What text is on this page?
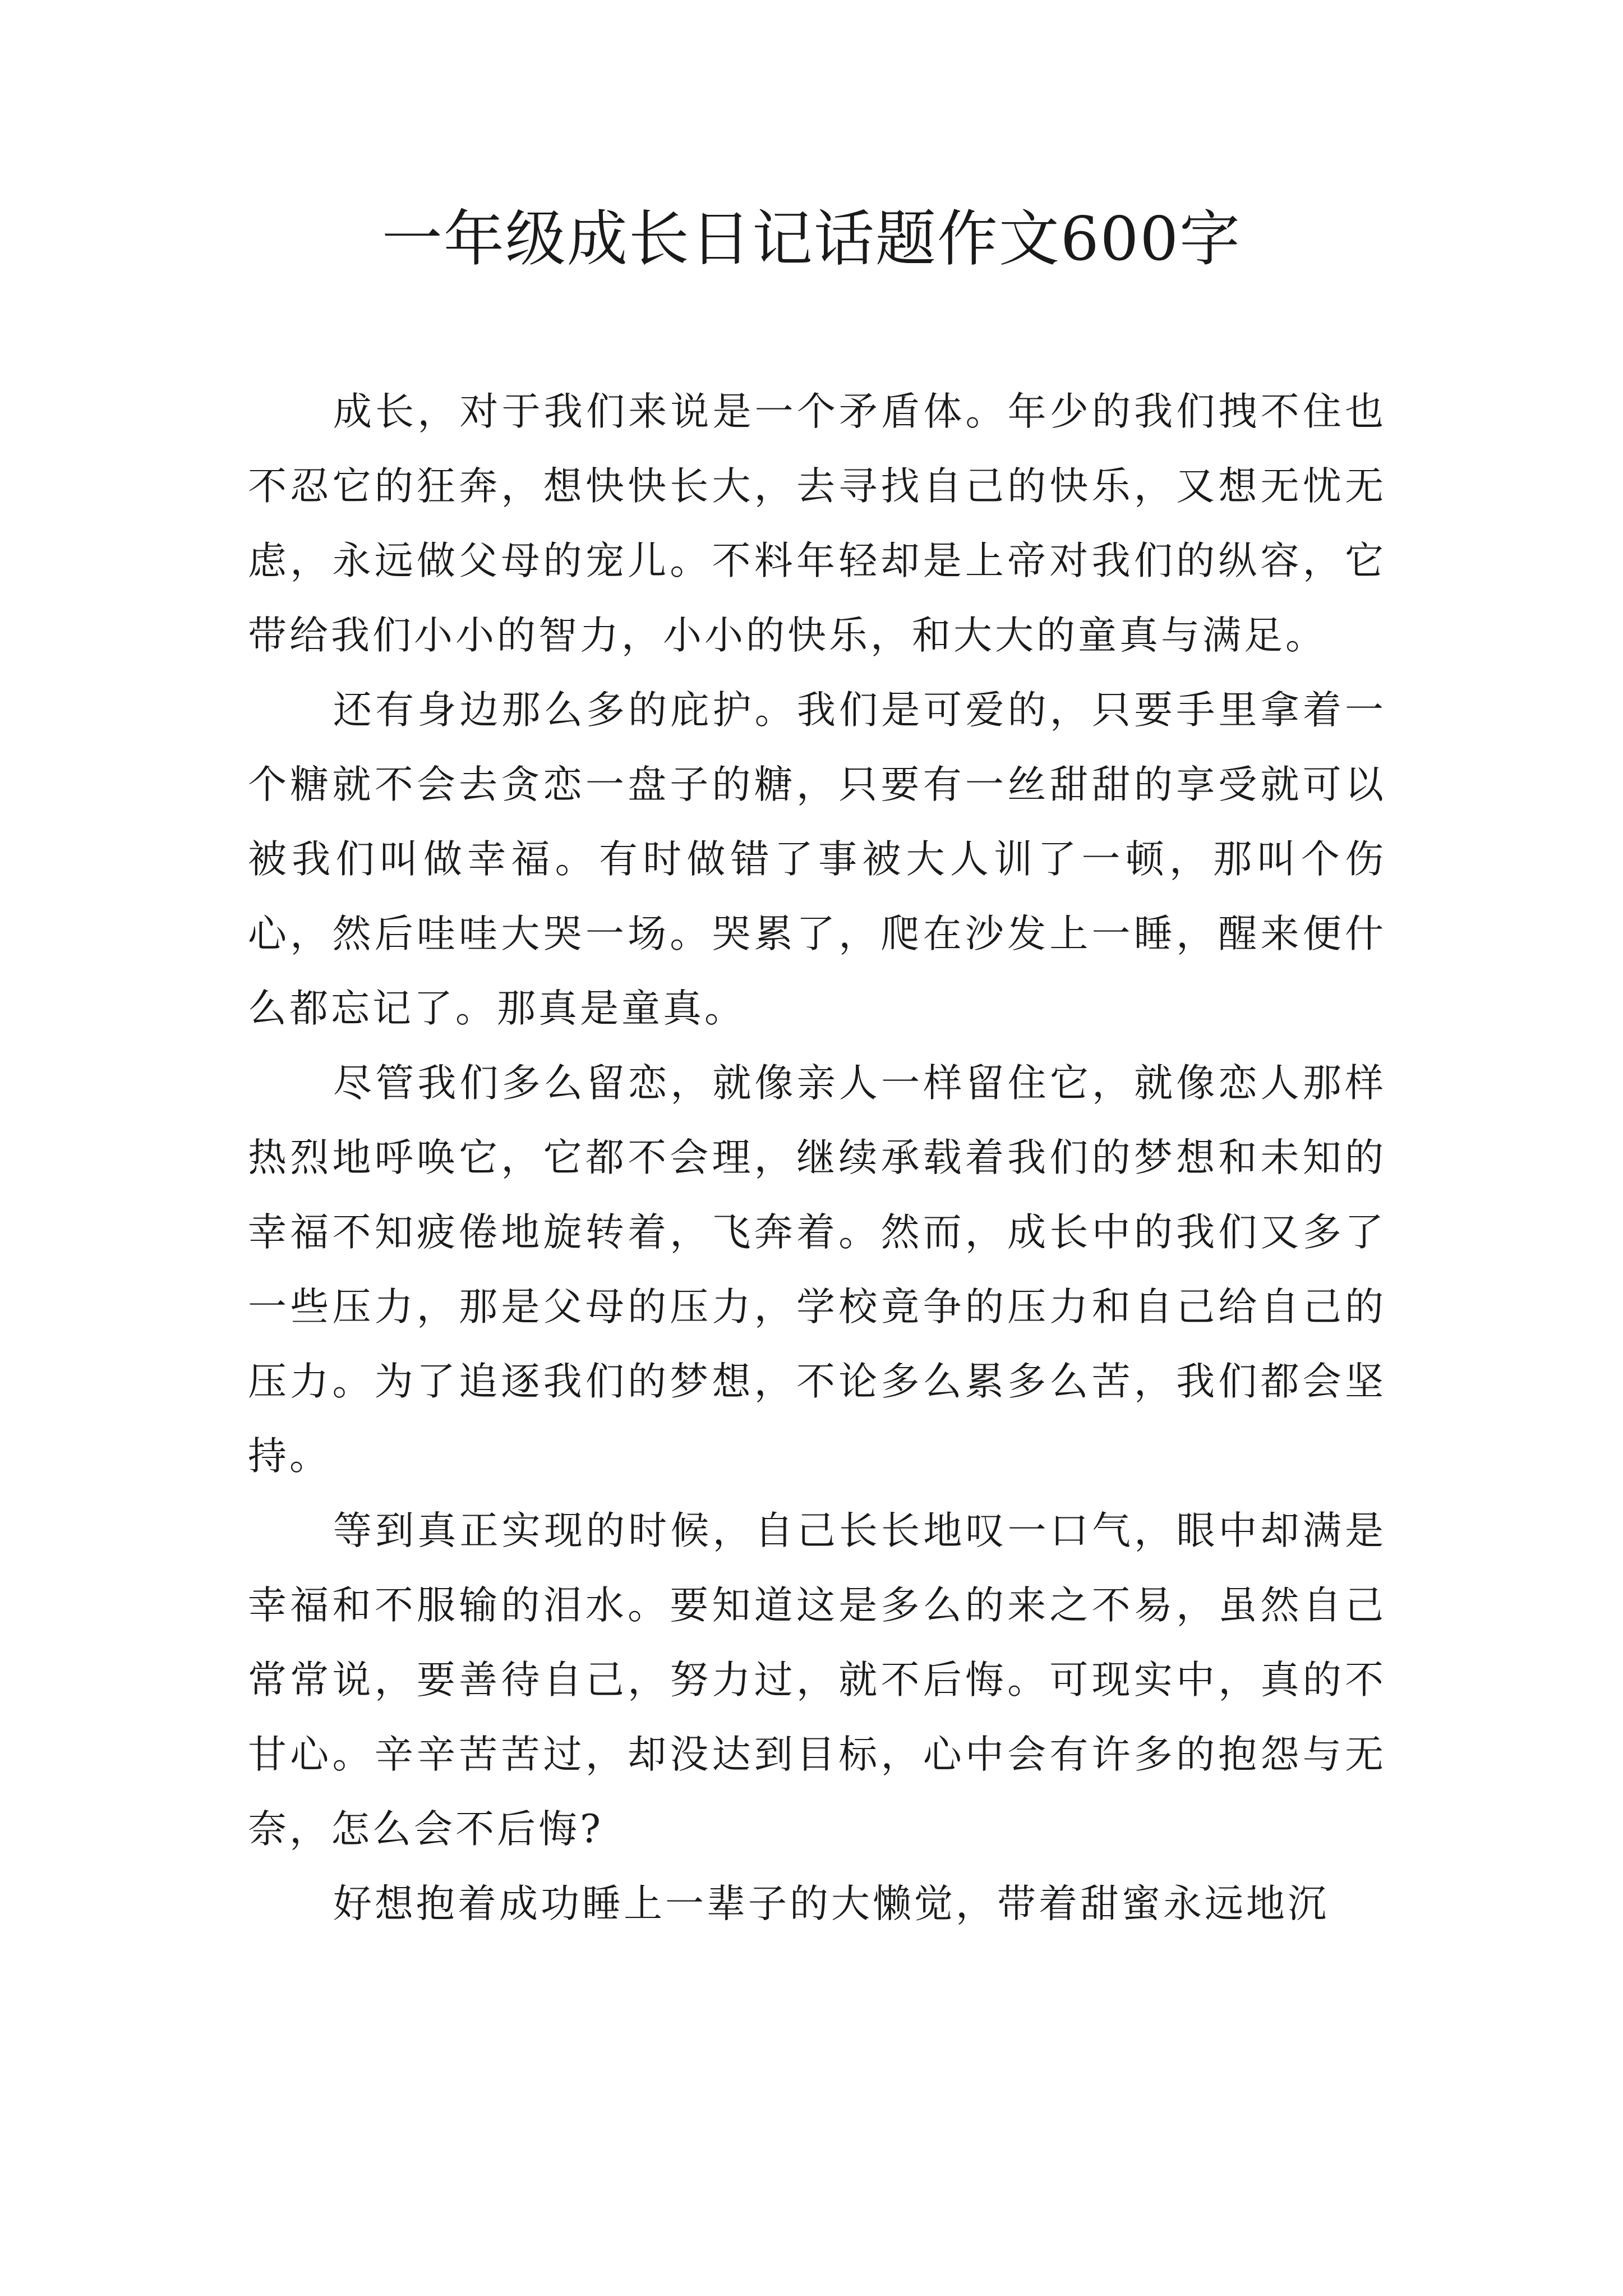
一年级成长日记话题作文600字

成长，对于我们来说是一个矛盾体。年少的我们拽不住也不忍它的狂奔，想快快长大，去寻找自己的快乐，又想无忧无虑，永远做父母的宠儿。不料年轻却是上帝对我们的纵容，它带给我们小小的智力，小小的快乐，和大大的童真与满足。

还有身边那么多的庇护。我们是可爱的，只要手里拿着一个糖就不会去贪恋一盘子的糖，只要有一丝甜甜的享受就可以被我们叫做幸福。有时做错了事被大人训了一顿，那叫个伤心，然后哇哇大哭一场。哭累了，爬在沙发上一睡，醒来便什么都忘记了。那真是童真。

尽管我们多么留恋，就像亲人一样留住它，就像恋人那样热烈地呼唤它，它都不会理，继续承载着我们的梦想和未知的幸福不知疲倦地旋转着，飞奔着。然而，成长中的我们又多了一些压力，那是父母的压力，学校竟争的压力和自己给自己的压力。为了追逐我们的梦想，不论多么累多么苦，我们都会坚持。

等到真正实现的时候，自己长长地叹一口气，眼中却满是幸福和不服输的泪水。要知道这是多么的来之不易，虽然自己常常说，要善待自己，努力过，就不后悔。可现实中，真的不甘心。辛辛苦苦过，却没达到目标，心中会有许多的抱怨与无奈，怎么会不后悔?

好想抱着成功睡上一辈子的大懒觉，带着甜蜜永远地沉
